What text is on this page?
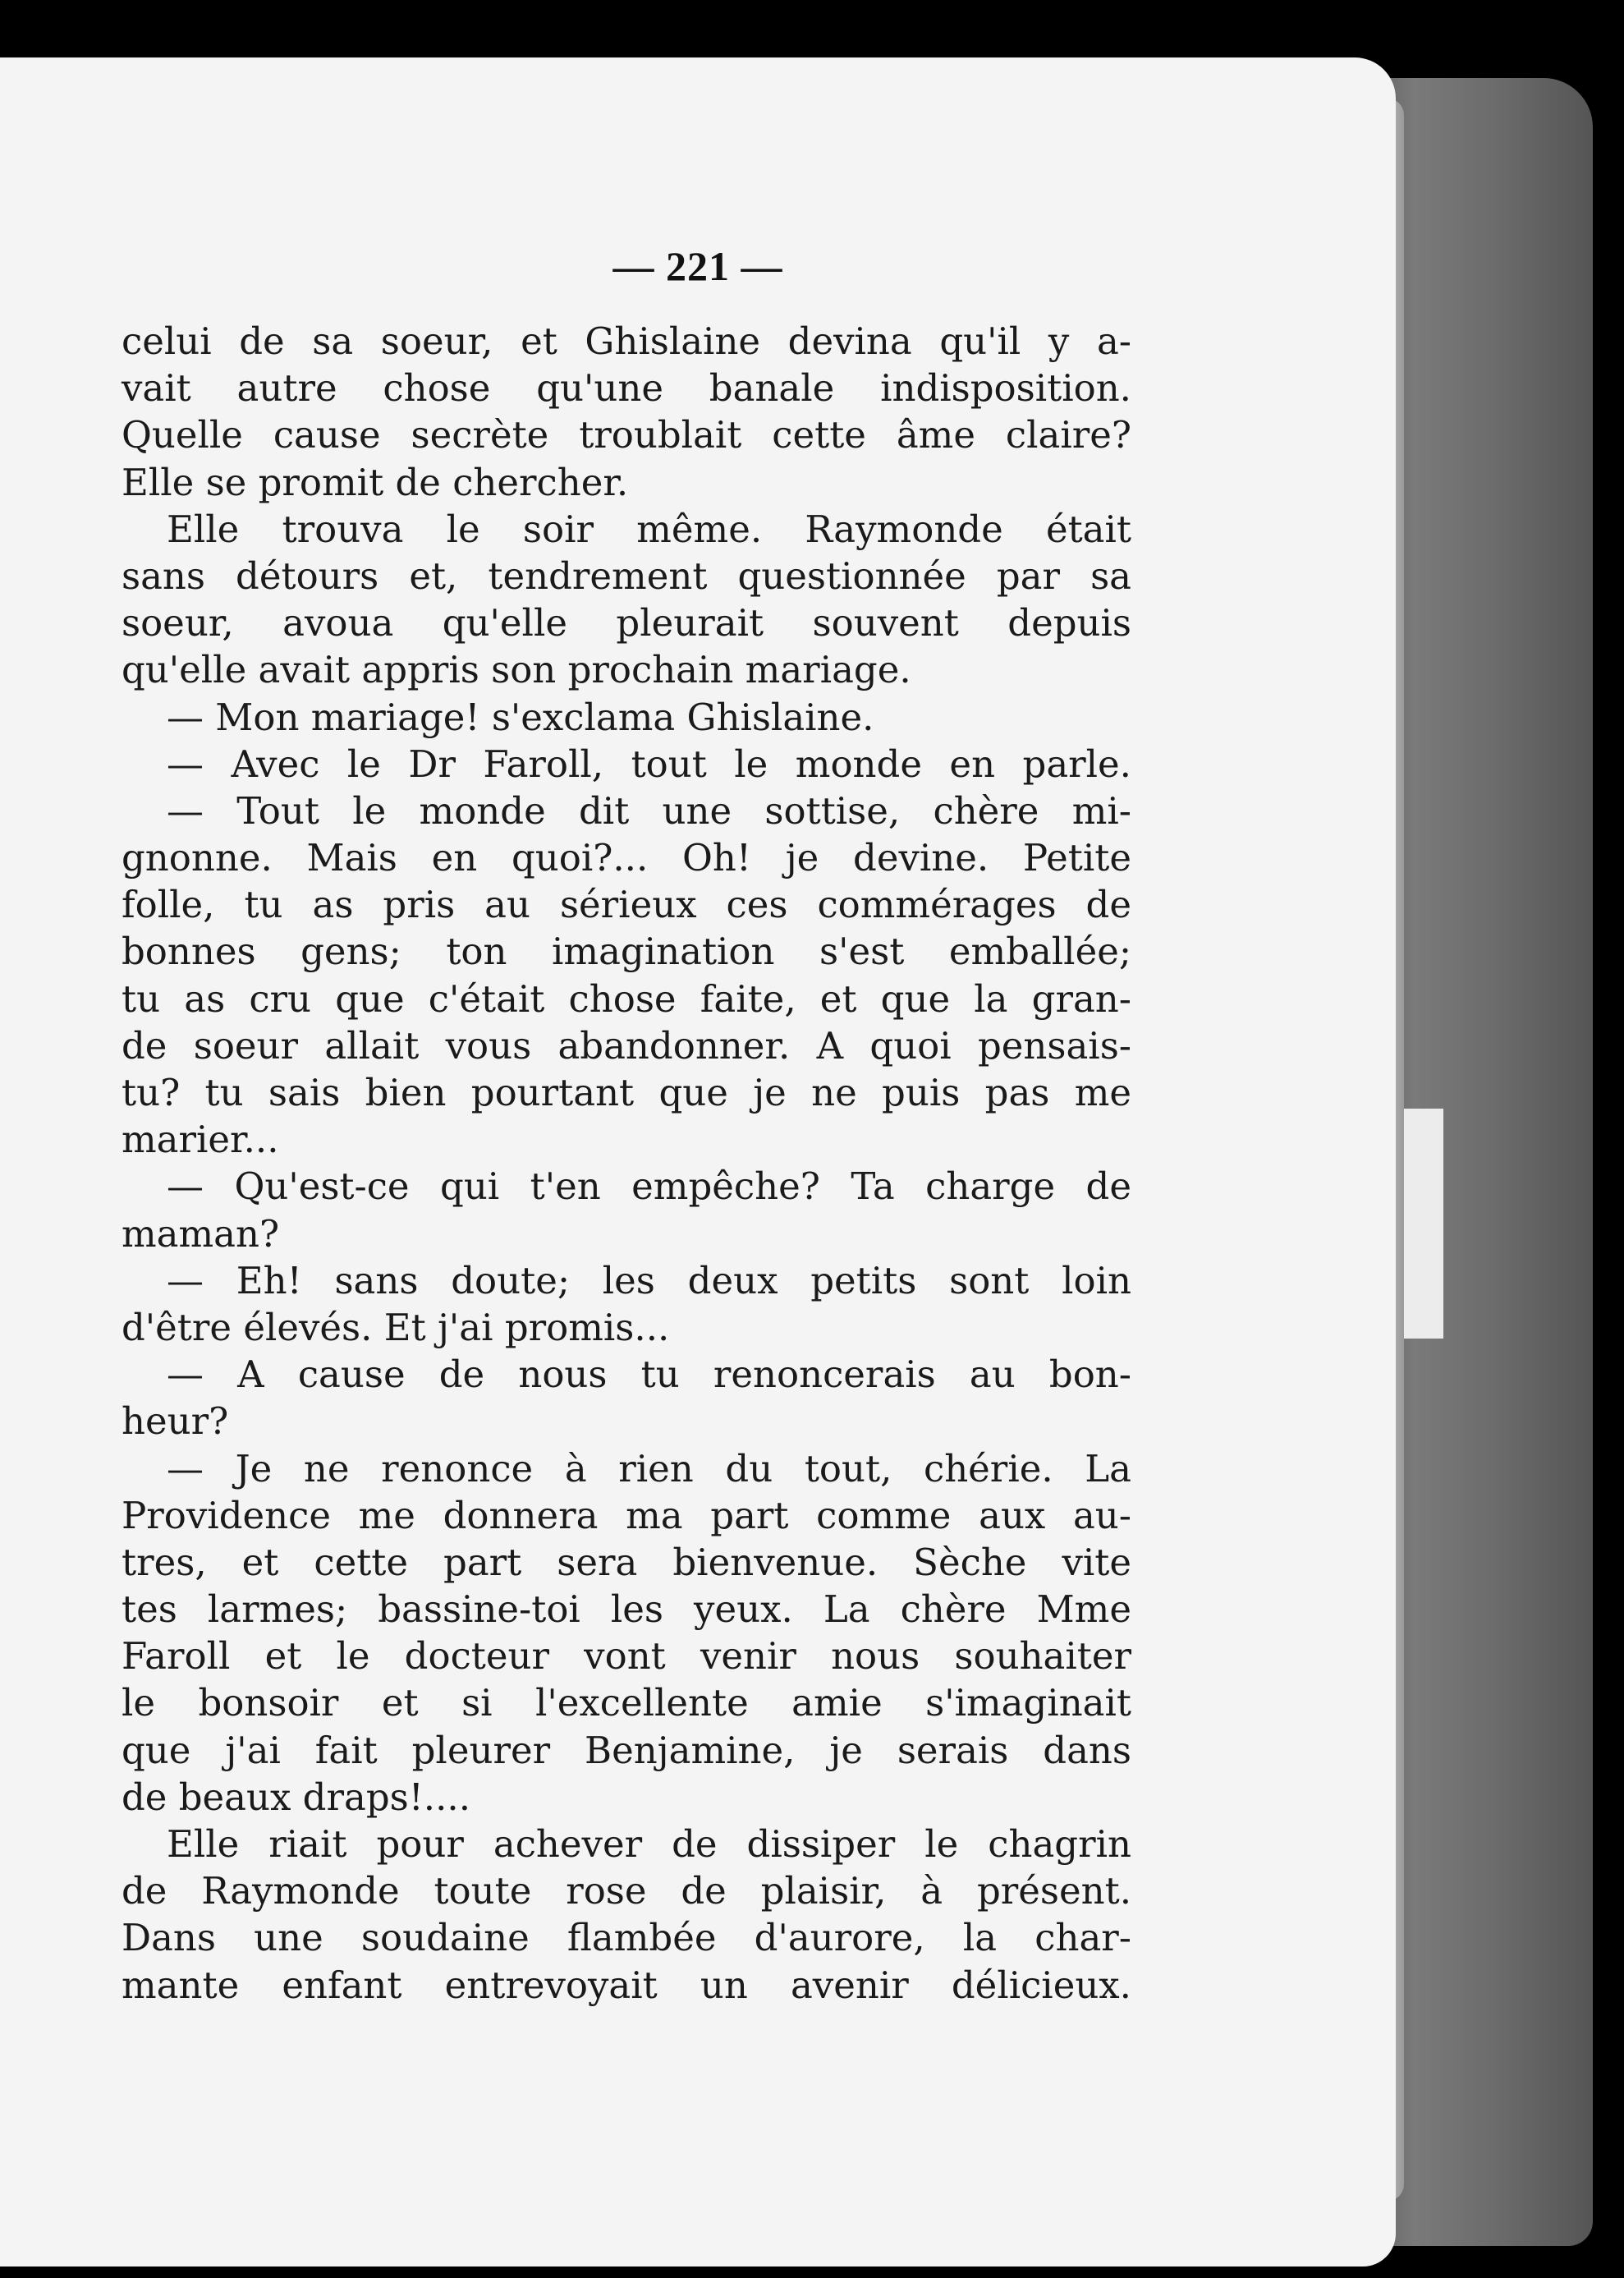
— 221 —
celui de sa soeur, et Ghislaine devina qu'il y a-
vait autre chose qu'une banale indisposition.
Quelle cause secrète troublait cette âme claire?
Elle se promit de chercher.
Elle trouva le soir même. Raymonde était
sans détours et, tendrement questionnée par sa
soeur, avoua qu'elle pleurait souvent depuis
qu'elle avait appris son prochain mariage.
— Mon mariage! s'exclama Ghislaine.
— Avec le Dr Faroll, tout le monde en parle.
— Tout le monde dit une sottise, chère mi-
gnonne. Mais en quoi?... Oh! je devine. Petite
folle, tu as pris au sérieux ces commérages de
bonnes gens; ton imagination s'est emballée;
tu as cru que c'était chose faite, et que la gran-
de soeur allait vous abandonner. A quoi pensais-
tu? tu sais bien pourtant que je ne puis pas me
marier...
— Qu'est-ce qui t'en empêche? Ta charge de
maman?
— Eh! sans doute; les deux petits sont loin
d'être élevés. Et j'ai promis...
— A cause de nous tu renoncerais au bon-
heur?
— Je ne renonce à rien du tout, chérie. La
Providence me donnera ma part comme aux au-
tres, et cette part sera bienvenue. Sèche vite
tes larmes; bassine-toi les yeux. La chère Mme
Faroll et le docteur vont venir nous souhaiter
le bonsoir et si l'excellente amie s'imaginait
que j'ai fait pleurer Benjamine, je serais dans
de beaux draps!....
Elle riait pour achever de dissiper le chagrin
de Raymonde toute rose de plaisir, à présent.
Dans une soudaine flambée d'aurore, la char-
mante enfant entrevoyait un avenir délicieux.
